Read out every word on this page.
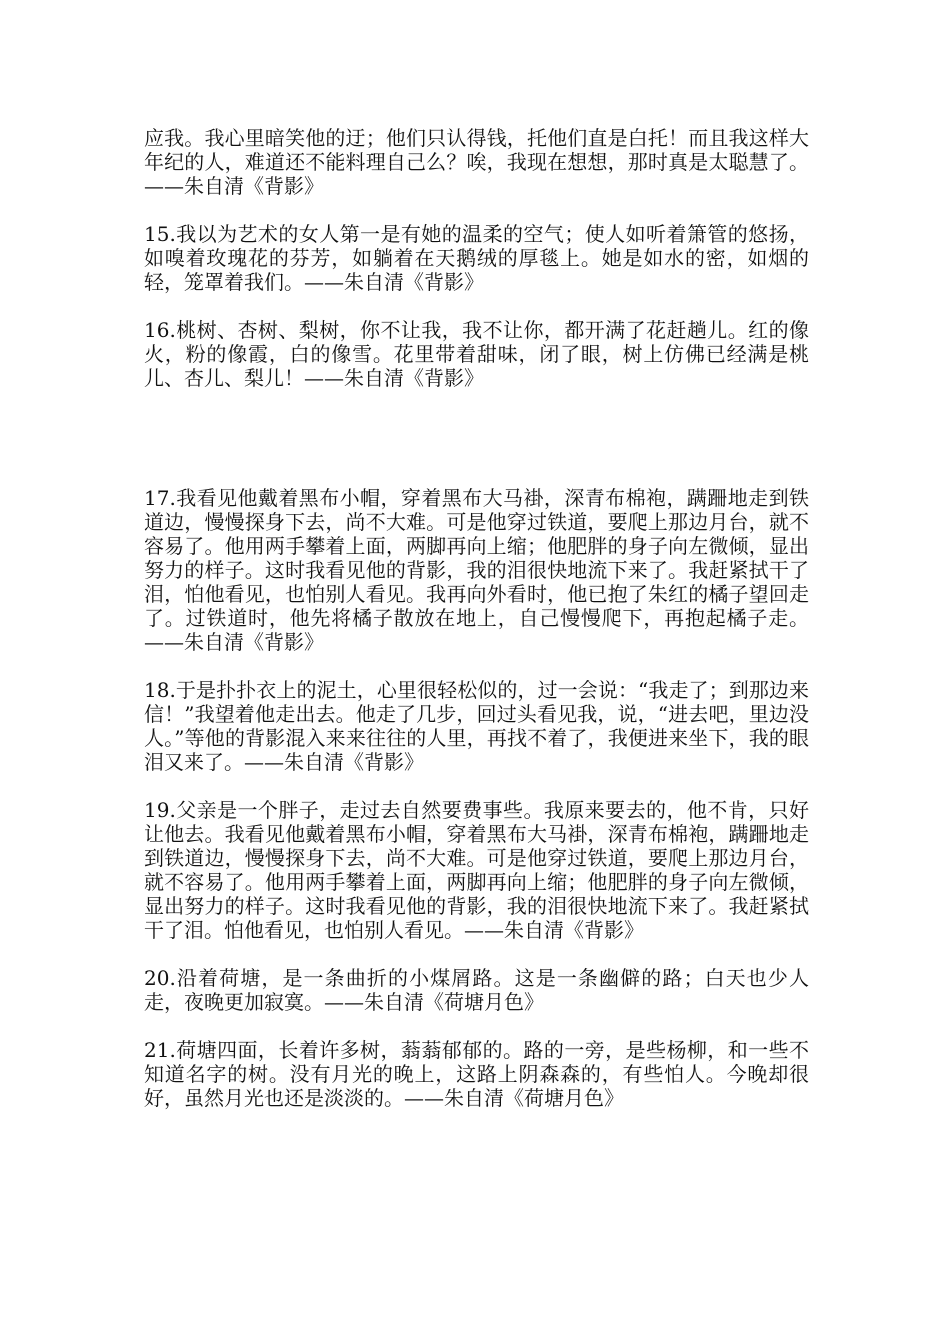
应我。我心里暗笑他的迂；他们只认得钱，托他们直是白托！而且我这样大年纪的人，难道还不能料理自己么？唉，我现在想想，那时真是太聪慧了。——朱自清《背影》

15.我以为艺术的女人第一是有她的温柔的空气；使人如听着箫管的悠扬，如嗅着玫瑰花的芬芳，如躺着在天鹅绒的厚毯上。她是如水的密，如烟的轻，笼罩着我们。——朱自清《背影》

16.桃树、杏树、梨树，你不让我，我不让你，都开满了花赶趟儿。红的像火，粉的像霞，白的像雪。花里带着甜味，闭了眼，树上仿佛已经满是桃儿、杏儿、梨儿！——朱自清《背影》

17.我看见他戴着黑布小帽，穿着黑布大马褂，深青布棉袍，蹒跚地走到铁道边，慢慢探身下去，尚不大难。可是他穿过铁道，要爬上那边月台，就不容易了。他用两手攀着上面，两脚再向上缩；他肥胖的身子向左微倾，显出努力的样子。这时我看见他的背影，我的泪很快地流下来了。我赶紧拭干了泪，怕他看见，也怕别人看见。我再向外看时，他已抱了朱红的橘子望回走了。过铁道时，他先将橘子散放在地上，自己慢慢爬下，再抱起橘子走。——朱自清《背影》

18.于是扑扑衣上的泥土，心里很轻松似的，过一会说：“我走了；到那边来信！”我望着他走出去。他走了几步，回过头看见我，说，“进去吧，里边没人。”等他的背影混入来来往往的人里，再找不着了，我便进来坐下，我的眼泪又来了。——朱自清《背影》

19.父亲是一个胖子，走过去自然要费事些。我原来要去的，他不肯，只好让他去。我看见他戴着黑布小帽，穿着黑布大马褂，深青布棉袍，蹒跚地走到铁道边，慢慢探身下去，尚不大难。可是他穿过铁道，要爬上那边月台，就不容易了。他用两手攀着上面，两脚再向上缩；他肥胖的身子向左微倾，显出努力的样子。这时我看见他的背影，我的泪很快地流下来了。我赶紧拭干了泪。怕他看见，也怕别人看见。——朱自清《背影》

20.沿着荷塘，是一条曲折的小煤屑路。这是一条幽僻的路；白天也少人走，夜晚更加寂寞。——朱自清《荷塘月色》

21.荷塘四面，长着许多树，蓊蓊郁郁的。路的一旁，是些杨柳，和一些不知道名字的树。没有月光的晚上，这路上阴森森的，有些怕人。今晚却很好，虽然月光也还是淡淡的。——朱自清《荷塘月色》
